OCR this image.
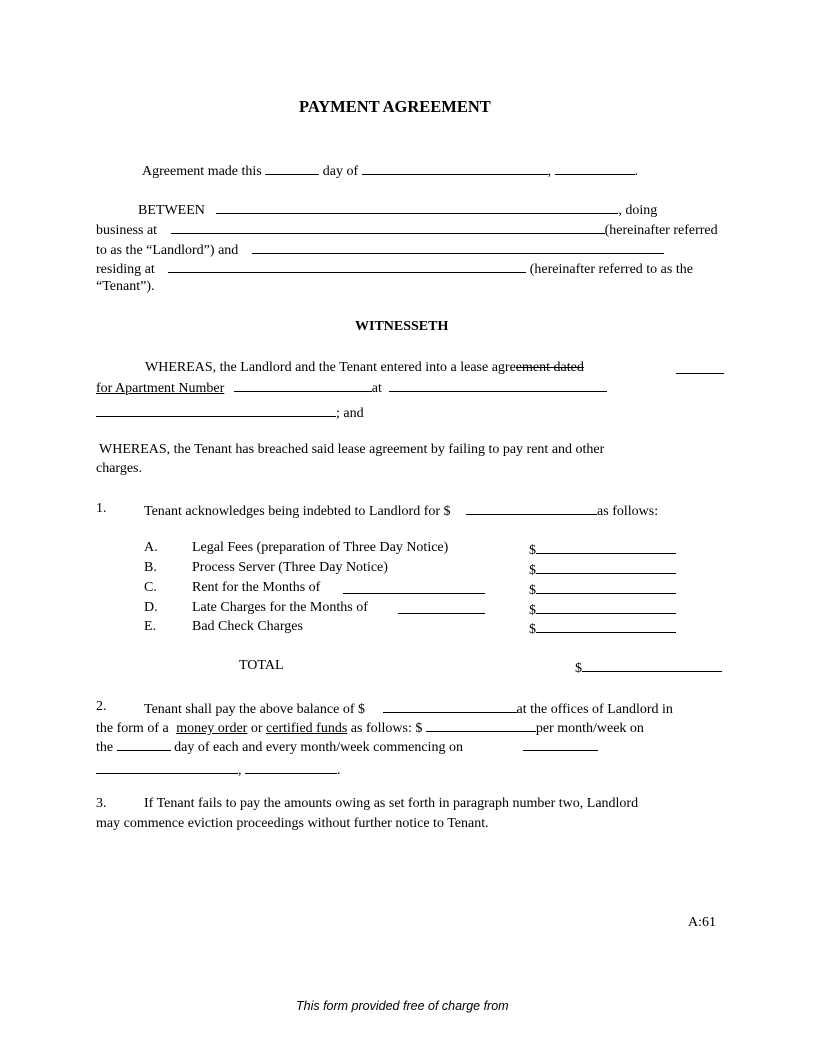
PAYMENT AGREEMENT
Agreement made this	day of	,	.
BETWEEN	, doing
business at	(hereinafter referred
to as the “Landlord”) and
residing at	(hereinafter referred to as the
“Tenant”).
WITNESSETH
WHEREAS, the Landlord and the Tenant entered into a lease agreement dated
for Apartment Number	at
; and
WHEREAS, the Tenant has breached said lease agreement by failing to pay rent and other
charges.
1.	Tenant acknowledges being indebted to Landlord for $	as follows:
A. Legal Fees (preparation of Three Day Notice)	$
B.	Process Server (Three Day Notice)	$
C.	Rent for the Months of	$
D. Late Charges for the Months of	$
E.	Bad Check Charges	$
TOTAL	$
2.	Tenant shall pay the above balance of $	at the offices of Landlord in
the form of a money order or certified funds as follows: $	per month/week on
the	day of each and every month/week commencing on
,	.
3.	If Tenant fails to pay the amounts owing as set forth in paragraph number two, Landlord
may commence eviction proceedings without further notice to Tenant.
A:61
This form provided free of charge from
